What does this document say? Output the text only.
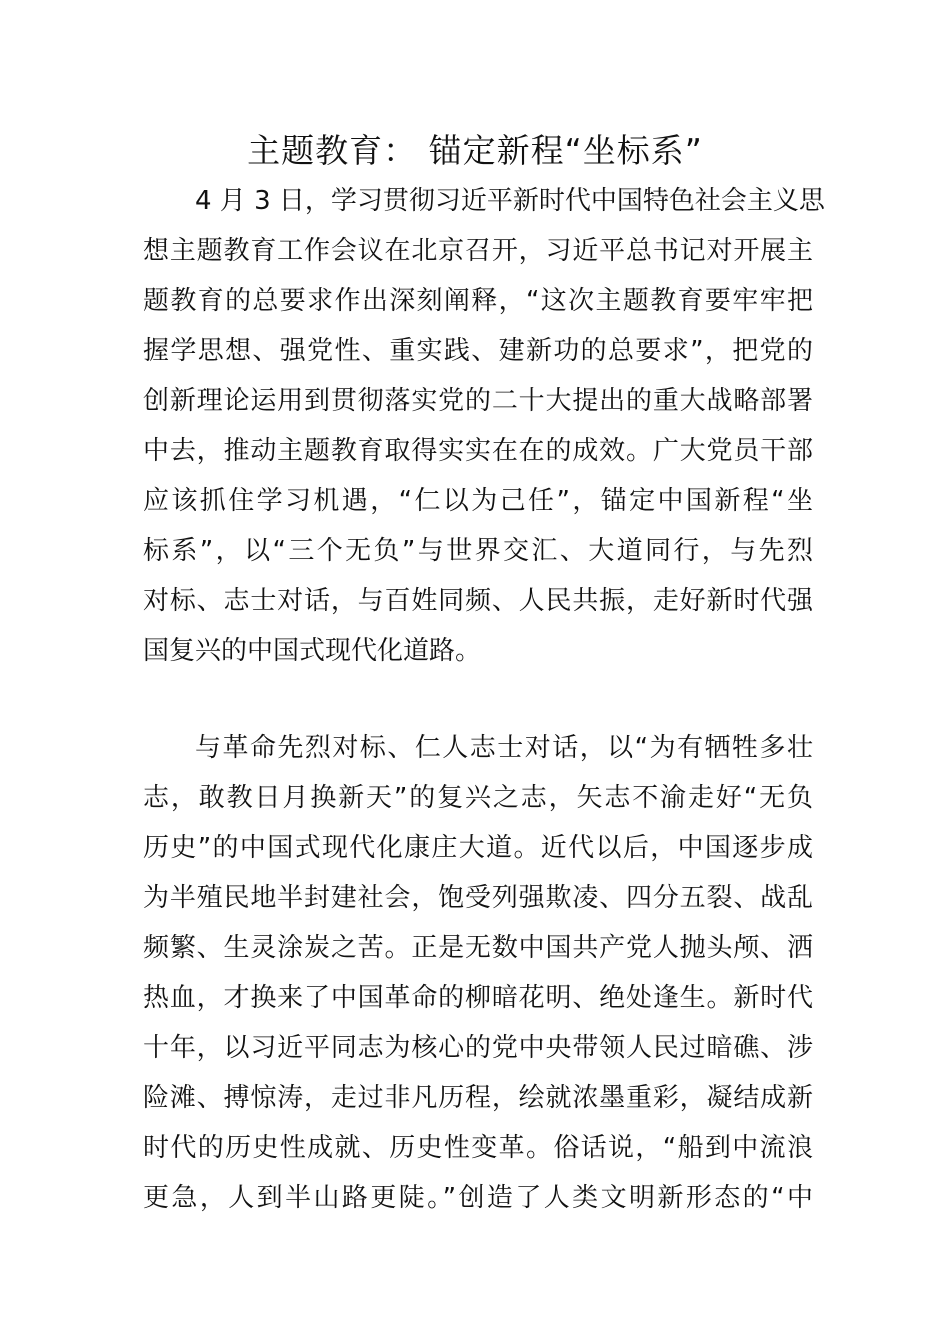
主题教育： 锚定新程“坐标系”
4 月 3 日，学习贯彻习近平新时代中国特色社会主义思
想主题教育工作会议在北京召开，习近平总书记对开展主
题教育的总要求作出深刻阐释，“这次主题教育要牢牢把
握学思想、强党性、重实践、建新功的总要求”，把党的
创新理论运用到贯彻落实党的二十大提出的重大战略部署
中去，推动主题教育取得实实在在的成效。广大党员干部
应该抓住学习机遇，“仁以为己任”，锚定中国新程“坐
标系”，以“三个无负”与世界交汇、大道同行，与先烈
对标、志士对话，与百姓同频、人民共振，走好新时代强
国复兴的中国式现代化道路。
与革命先烈对标、仁人志士对话，以“为有牺牲多壮
志，敢教日月换新天”的复兴之志，矢志不渝走好“无负
历史”的中国式现代化康庄大道。近代以后，中国逐步成
为半殖民地半封建社会，饱受列强欺凌、四分五裂、战乱
频繁、生灵涂炭之苦。正是无数中国共产党人抛头颅、洒
热血，才换来了中国革命的柳暗花明、绝处逢生。新时代
十年，以习近平同志为核心的党中央带领人民过暗礁、涉
险滩、搏惊涛，走过非凡历程，绘就浓墨重彩，凝结成新
时代的历史性成就、历史性变革。俗话说，“船到中流浪
更急，人到半山路更陡。”创造了人类文明新形态的“中
